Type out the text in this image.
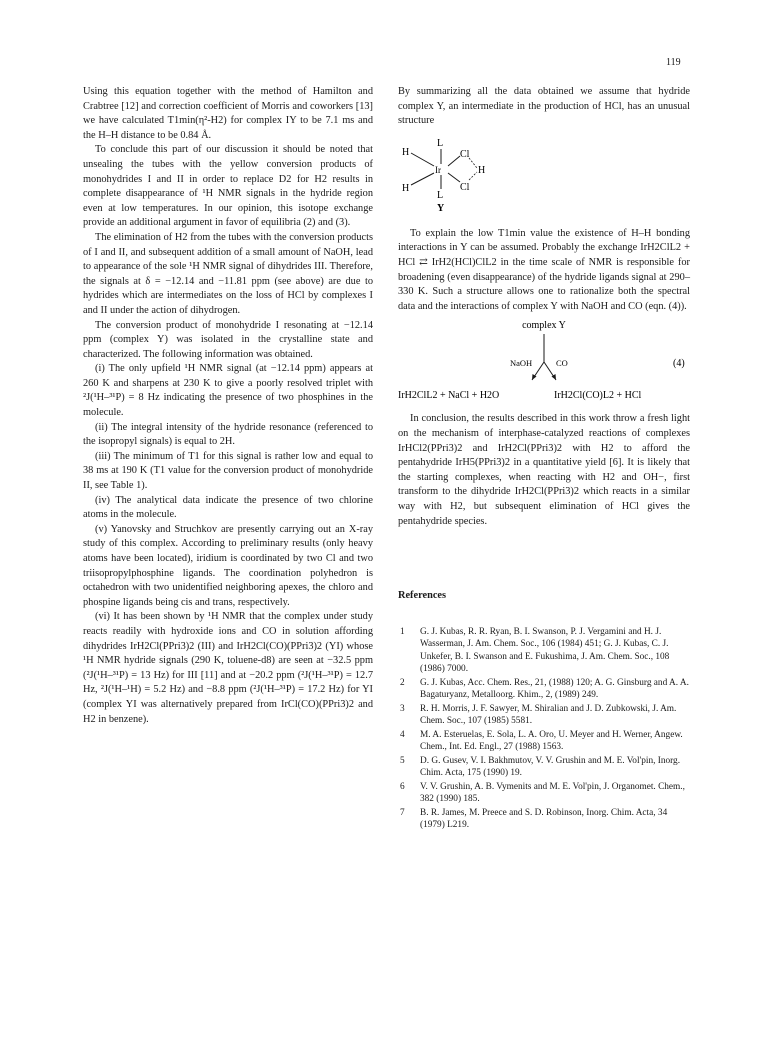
119

Using this equation together with the method of Hamilton and Crabtree [12] and correction coefficient of Morris and coworkers [13] we have calculated T1min(η²-H2) for complex IY to be 7.1 ms and the H–H distance to be 0.84 Å.

To conclude this part of our discussion it should be noted that unsealing the tubes with the yellow conversion products of monohydrides I and II in order to replace D2 for H2 results in complete disappearance of ¹H NMR signals in the hydride region even at low temperatures. In our opinion, this isotope exchange provide an additional argument in favor of equilibria (2) and (3).

The elimination of H2 from the tubes with the conversion products of I and II, and subsequent addition of a small amount of NaOH, lead to appearance of the sole ¹H NMR signal of dihydrides III. Therefore, the signals at δ = −12.14 and −11.81 ppm (see above) are due to hydrides which are intermediates on the loss of HCl by complexes I and II under the action of dihydrogen.

The conversion product of monohydride I resonating at −12.14 ppm (complex Y) was isolated in the crystalline state and characterized. The following information was obtained.

(i) The only upfield ¹H NMR signal (at −12.14 ppm) appears at 260 K and sharpens at 230 K to give a poorly resolved triplet with ²J(¹H–³¹P) = 8 Hz indicating the presence of two phosphines in the molecule.

(ii) The integral intensity of the hydride resonance (referenced to the isopropyl signals) is equal to 2H.

(iii) The minimum of T1 for this signal is rather low and equal to 38 ms at 190 K (T1 value for the conversion product of monohydride II, see Table 1).

(iv) The analytical data indicate the presence of two chlorine atoms in the molecule.

(v) Yanovsky and Struchkov are presently carrying out an X-ray study of this complex. According to preliminary results (only heavy atoms have been located), iridium is coordinated by two Cl and two triisopropylphosphine ligands. The coordination polyhedron is octahedron with two unidentified neighboring apexes, the chloro and phospine ligands being cis and trans, respectively.

(vi) It has been shown by ¹H NMR that the complex under study reacts readily with hydroxide ions and CO in solution affording dihydrides IrH2Cl(PPri3)2 (III) and IrH2Cl(CO)(PPri3)2 (YI) whose ¹H NMR hydride signals (290 K, toluene-d8) are seen at −32.5 ppm (²J(¹H–³¹P) = 13 Hz) for III [11] and at −20.2 ppm (²J(¹H–³¹P) = 12.7 Hz, ²J(¹H–¹H) = 5.2 Hz) and −8.8 ppm (²J(¹H–³¹P) = 17.2 Hz) for YI (complex YI was alternatively prepared from IrCl(CO)(PPri3)2 and H2 in benzene).

By summarizing all the data obtained we assume that hydride complex Y, an intermediate in the production of HCl, has an unusual structure

L
L
Ir
H
H
Cl
Cl
H
Y

To explain the low T1min value the existence of H–H bonding interactions in Y can be assumed. Probably the exchange IrH2ClL2 + HCl ⇄ IrH2(HCl)ClL2 in the time scale of NMR is responsible for broadening (even disappearance) of the hydride ligands signal at 290–330 K. Such a structure allows one to rationalize both the spectral data and the interactions of complex Y with NaOH and CO (eqn. (4)).

complex Y
NaOH	CO	(4)
IrH2ClL2 + NaCl + H2O	IrH2Cl(CO)L2 + HCl

In conclusion, the results described in this work throw a fresh light on the mechanism of interphase-catalyzed reactions of complexes IrHCl2(PPri3)2 and IrH2Cl(PPri3)2 with H2 to afford the pentahydride IrH5(PPri3)2 in a quantitative yield [6]. It is likely that the starting complexes, when reacting with H2 and OH−, first transform to the dihydride IrH2Cl(PPri3)2 which reacts in a similar way with H2, but subsequent elimination of HCl gives the pentahydride species.

References
1	G. J. Kubas, R. R. Ryan, B. I. Swanson, P. J. Vergamini and H. J. Wasserman, J. Am. Chem. Soc., 106 (1984) 451; G. J. Kubas, C. J. Unkefer, B. I. Swanson and E. Fukushima, J. Am. Chem. Soc., 108 (1986) 7000.
2	G. J. Kubas, Acc. Chem. Res., 21, (1988) 120; A. G. Ginsburg and A. A. Bagaturyanz, Metalloorg. Khim., 2, (1989) 249.
3	R. H. Morris, J. F. Sawyer, M. Shiralian and J. D. Zubkowski, J. Am. Chem. Soc., 107 (1985) 5581.
4	M. A. Esteruelas, E. Sola, L. A. Oro, U. Meyer and H. Werner, Angew. Chem., Int. Ed. Engl., 27 (1988) 1563.
5	D. G. Gusev, V. I. Bakhmutov, V. V. Grushin and M. E. Vol'pin, Inorg. Chim. Acta, 175 (1990) 19.
6	V. V. Grushin, A. B. Vymenits and M. E. Vol'pin, J. Organomet. Chem., 382 (1990) 185.
7	B. R. James, M. Preece and S. D. Robinson, Inorg. Chim. Acta, 34 (1979) L219.
